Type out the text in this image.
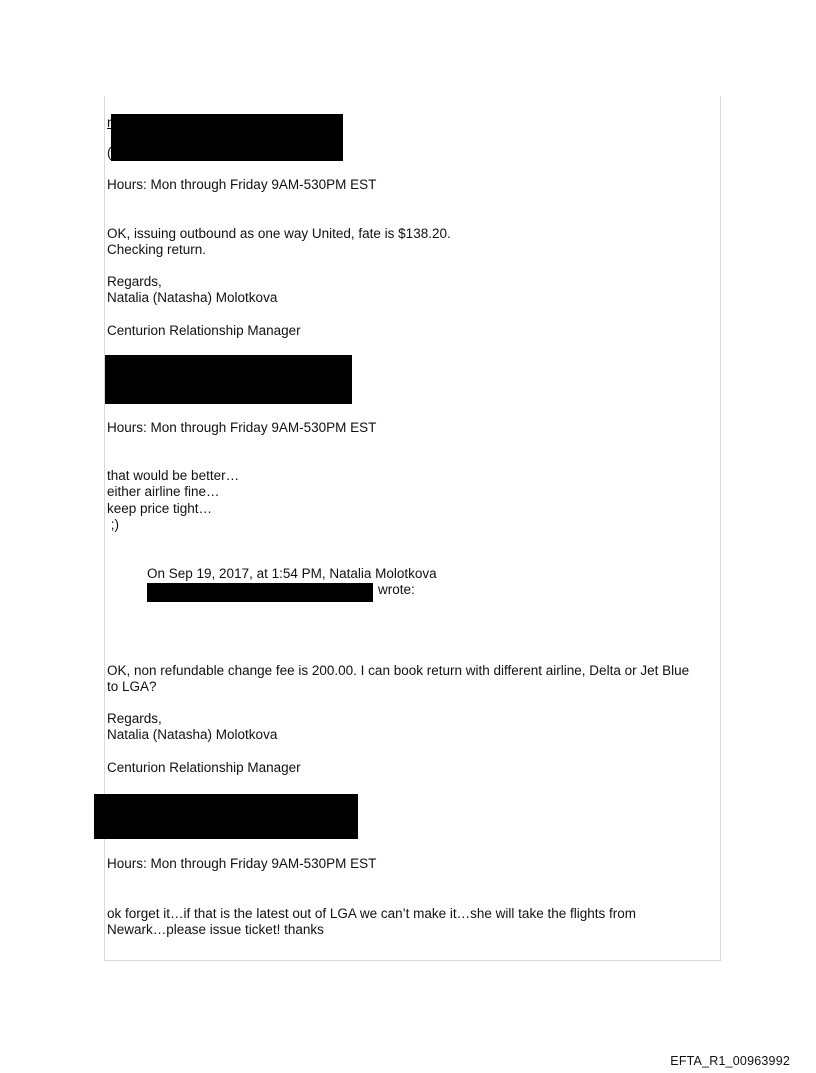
r
(
Hours: Mon through Friday 9AM-530PM EST
OK, issuing outbound as one way United, fate is $138.20.
Checking return.
Regards,
Natalia (Natasha) Molotkova
Centurion Relationship Manager
Hours: Mon through Friday 9AM-530PM EST
that would be better…
either airline fine…
keep price tight…
;)
On Sep 19, 2017, at 1:54 PM, Natalia Molotkova
wrote:
OK, non refundable change fee is 200.00. I can book return with different airline, Delta or Jet Blue
to LGA?
Regards,
Natalia (Natasha) Molotkova
Centurion Relationship Manager
Hours: Mon through Friday 9AM-530PM EST
ok forget it…if that is the latest out of LGA we can’t make it…she will take the flights from
Newark…please issue ticket! thanks
EFTA_R1_00963992
